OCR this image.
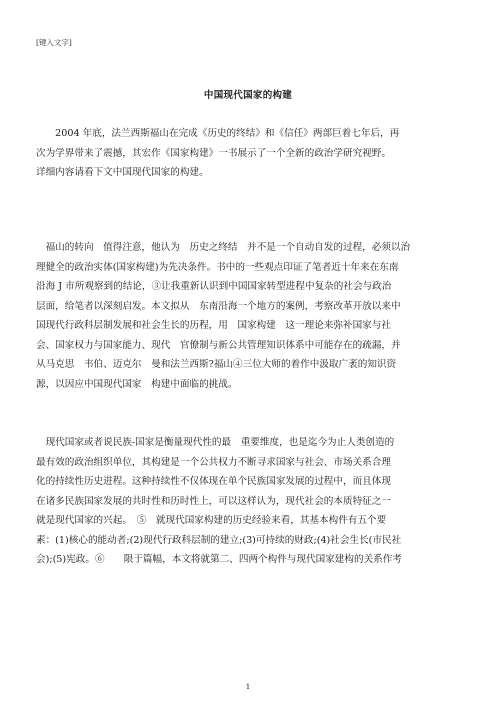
[键入文字]
中国现代国家的构建
　　2004 年底，法兰西斯福山在完成《历史的终结》和《信任》两部巨着七年后，再
次为学界带来了震撼，其宏作《国家构建》一书展示了一个全新的政治学研究视野。
详细内容请看下文中国现代国家的构建。
　福山的转向　值得注意，他认为　历史之终结　并不是一个自动自发的过程，必须以治
理健全的政治实体(国家构建)为先决条件。书中的一些观点印证了笔者近十年来在东南
沿海 J 市所观察到的结论，③让我重新认识到中国国家转型进程中复杂的社会与政治
层面，给笔者以深刻启发。本文拟从　东南沿海一个地方的案例，考察改革开放以来中
国现代行政科层制发展和社会生长的历程，用　国家构建　这一理论来弥补国家与社
会、国家权力与国家能力、现代　官僚制与新公共管理知识体系中可能存在的疏漏，并
从马克思　韦伯、迈克尔　曼和法兰西斯?福山④三位大师的着作中汲取广袤的知识资
源，以因应中国现代国家　构建中面临的挑战。
　现代国家或者说民族-国家是衡量现代性的最　重要维度，也是迄今为止人类创造的
最有效的政治组织单位，其构建是一个公共权力不断寻求国家与社会、市场关系合理
化的持续性历史进程。这种持续性不仅体现在单个民族国家发展的过程中，而且体现
在诸多民族国家发展的共时性和历时性上，可以这样认为，现代社会的本质特征之一
就是现代国家的兴起。　⑤　就现代国家构建的历史经验来看，其基本构件有五个要
素：(1)核心的能动者;(2)现代行政科层制的建立;(3)可持续的财政;(4)社会生长(市民社
会);(5)宪政。⑥　　限于篇幅，本文将就第二、四两个构件与现代国家建构的关系作考
1
